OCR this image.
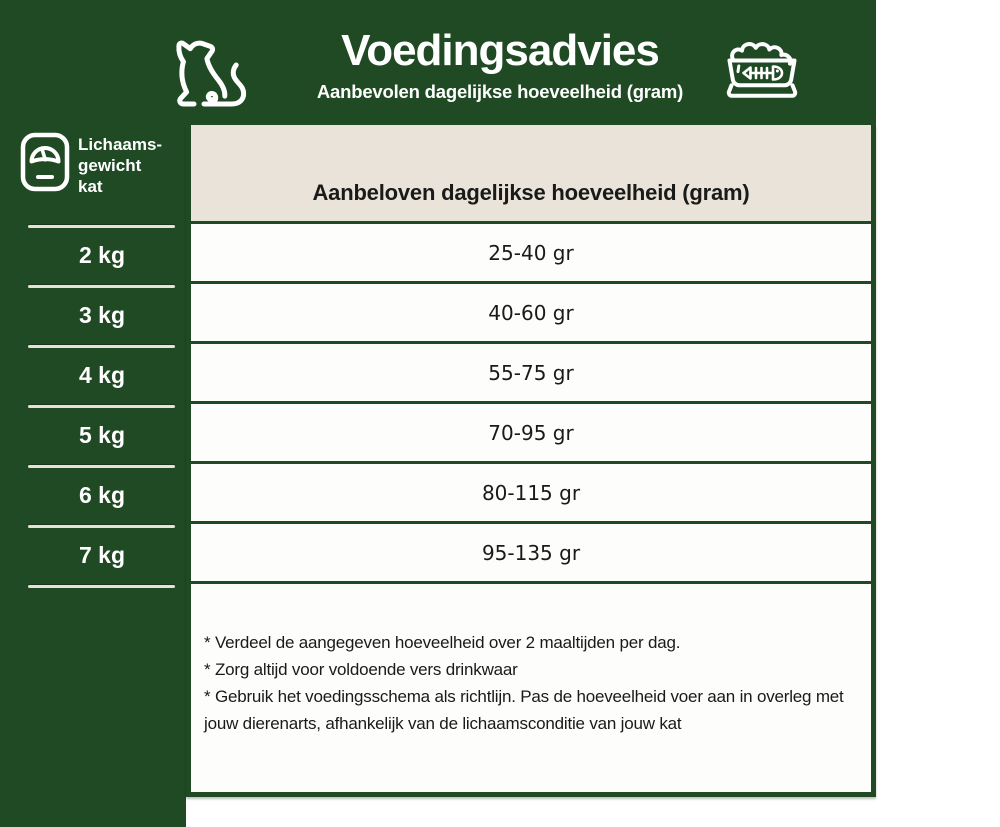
Voedingsadvies
Aanbevolen dagelijkse hoeveelheid (gram)
Lichaams-
gewicht
kat
2 kg
3 kg
4 kg
5 kg
6 kg
7 kg
Aanbeloven dagelijkse hoeveelheid (gram)
25-40 gr
40-60 gr
55-75 gr
70-95 gr
80-115 gr
95-135 gr

* Verdeel de aangegeven hoeveelheid over 2 maaltijden per dag.

* Zorg altijd voor voldoende vers drinkwaar

* Gebruik het voedingsschema als richtlijn. Pas de hoeveelheid voer aan in overleg met jouw dierenarts, afhankelijk van de lichaamsconditie van jouw kat
